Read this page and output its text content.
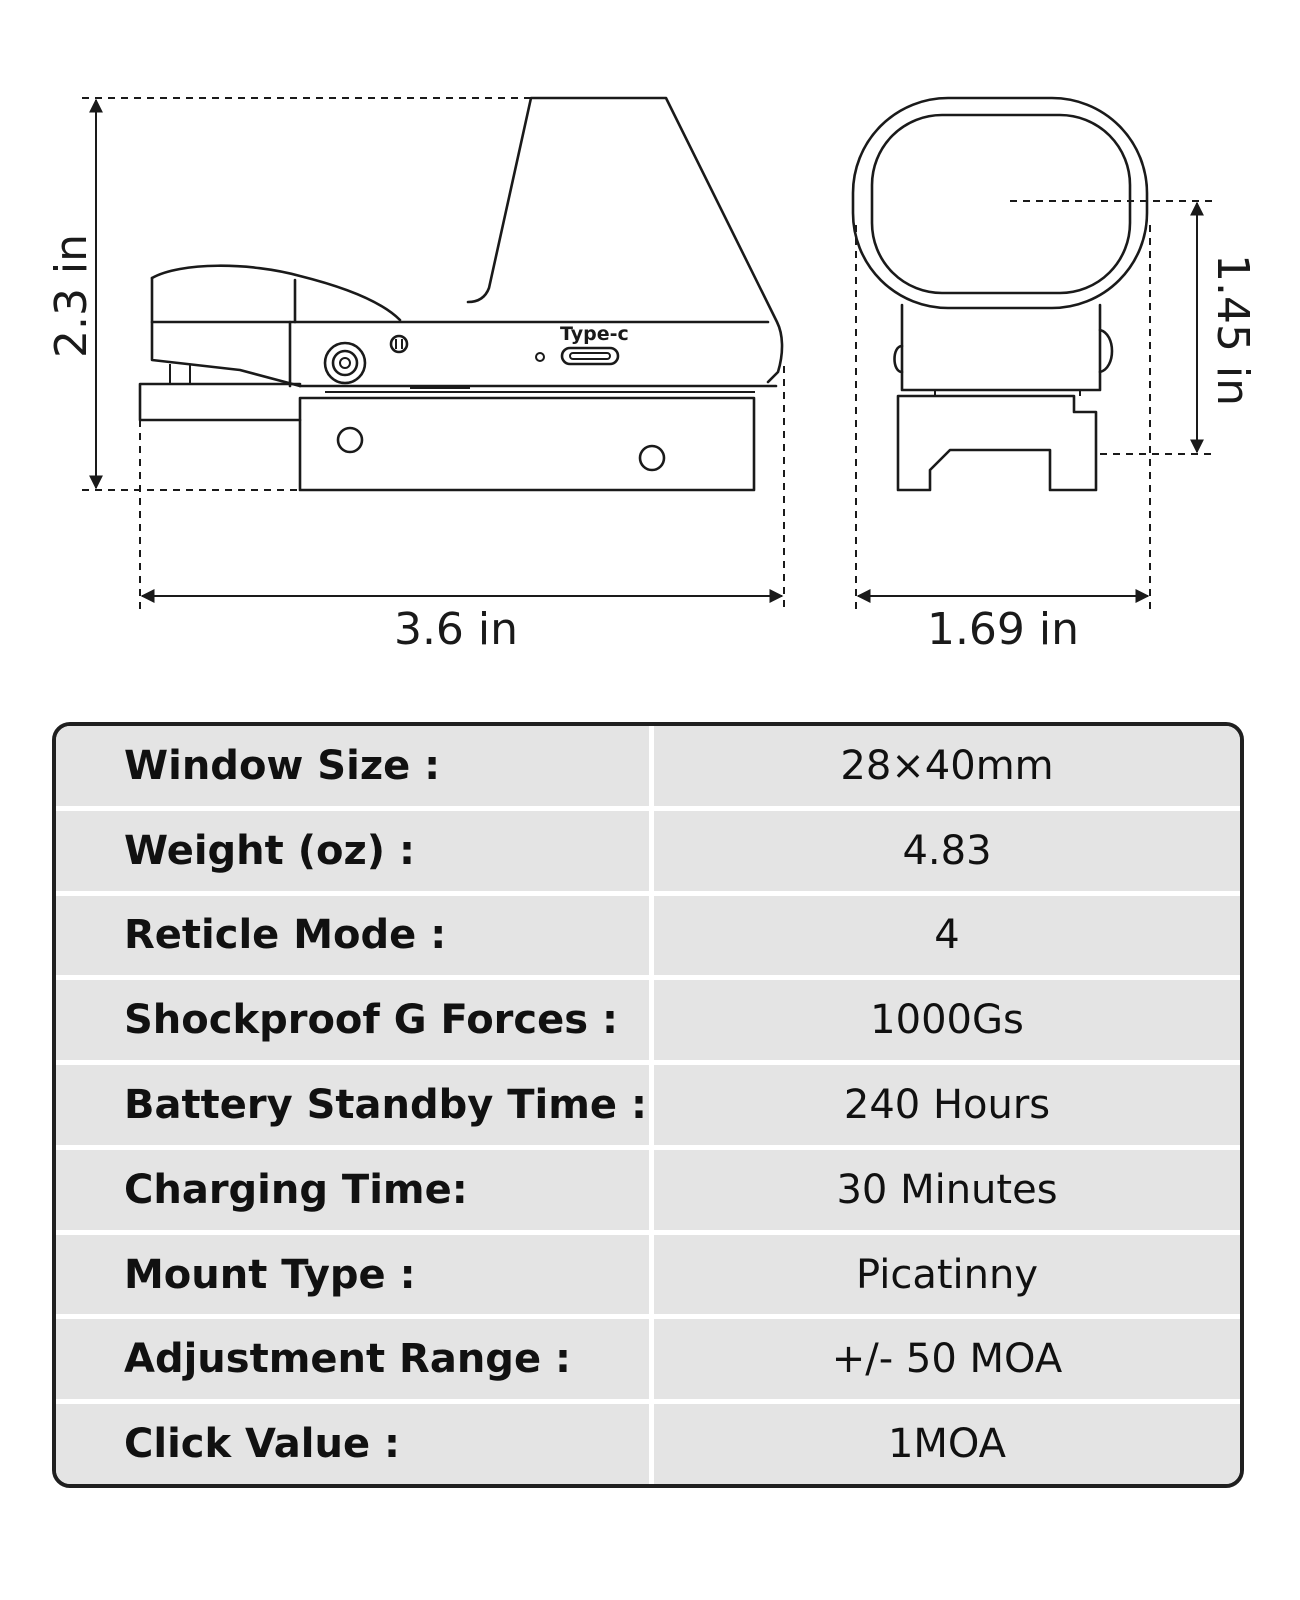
Type-c
3.6 in	1.69 in
2.3 in	1.45 in
Window Size :	28×40mm
Weight (oz) :	4.83
Reticle Mode :	4
Shockproof G Forces :	1000Gs
Battery Standby Time :	240 Hours
Charging Time:	30 Minutes
Mount Type :	Picatinny
Adjustment Range :	+/- 50 MOA
Click Value :	1MOA
